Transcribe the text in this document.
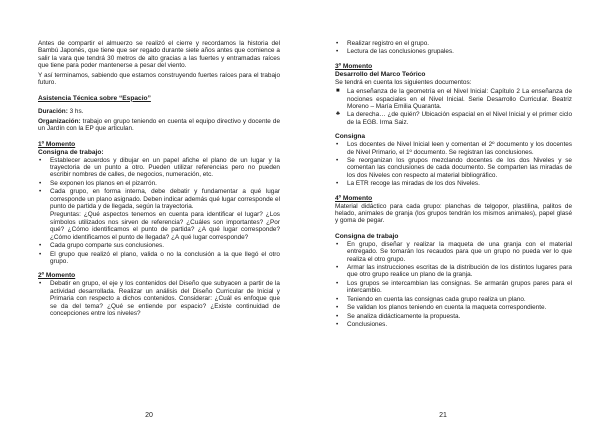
Antes de compartir el almuerzo se realizó el cierre y recordamos la historia del Bambú Japonés, que tiene que ser regado durante siete años antes que comience a salir la vara que tendrá 30 metros de alto gracias a las fuertes y entramadas raíces que tiene para poder mantenerse a pesar del viento.

Y así terminamos, sabiendo que estamos construyendo fuertes raíces para el trabajo futuro.

Asistencia Técnica sobre “Espacio”

Duración: 3 hs.

Organización: trabajo en grupo teniendo en cuenta el equipo directivo y docente de un Jardín con la EP que articulan.

1º Momento
Consigna de trabajo:
• Establecer acuerdos y dibujar en un papel afiche el plano de un lugar y la trayectoria de un punto a otro. Pueden utilizar referencias pero no pueden escribir nombres de calles, de negocios, numeración, etc.
• Se exponen los planos en el pizarrón.
• Cada grupo, en forma interna, debe debatir y fundamentar a qué lugar corresponde un plano asignado. Deben indicar además qué lugar corresponde el punto de partida y de llegada, según la trayectoria.
Preguntas: ¿Qué aspectos tenemos en cuenta para identificar el lugar? ¿Los símbolos utilizados nos sirven de referencia? ¿Cuáles son importantes? ¿Por qué? ¿Cómo identificamos el punto de partida? ¿A qué lugar corresponde? ¿Cómo identificamos el punto de llegada? ¿A qué lugar corresponde?
• Cada grupo comparte sus conclusiones.
• El grupo que realizó el plano, valida o no la conclusión a la que llegó el otro grupo.
2º Momento
• Debatir en grupo, el eje y los contenidos del Diseño que subyacen a partir de la actividad desarrollada. Realizar un análisis del Diseño Curricular de Inicial y Primaria con respecto a dichos contenidos. Considerar: ¿Cuál es enfoque que se da del tema? ¿Qué se entiende por espacio? ¿Existe continuidad de concepciones entre los niveles?
20
• Realizar registro en el grupo.
• Lectura de las conclusiones grupales.
3º Momento
Desarrollo del Marco Teórico

Se tendrá en cuenta los siguientes documentos:

■ La enseñanza de la geometría en el Nivel Inicial: Capítulo 2 La enseñanza de nociones espaciales en el Nivel Inicial. Serie Desarrollo Curricular. Beatriz Moreno – María Emilia Quaranta.
♣ La derecha… ¿de quién? Ubicación espacial en el Nivel Inicial y el primer ciclo de la EGB. Irma Saiz.
Consigna
• Los docentes de Nivel Inicial leen y comentan el 2º documento y los docentes de Nivel Primario, el 1º documento. Se registran las conclusiones.
• Se reorganizan los grupos mezclando docentes de los dos Niveles y se comentan las conclusiones de cada documento. Se comparten las miradas de los dos Niveles con respecto al material bibliográfico.
• La ETR recoge las miradas de los dos Niveles.
4º Momento

Material didáctico para cada grupo: planchas de telgopor, plastilina, palitos de helado, animales de granja (los grupos tendrán los mismos animales), papel glasé y goma de pegar.

Consigna de trabajo
• En grupo, diseñar y realizar la maqueta de una granja con el material entregado. Se tomarán los recaudos para que un grupo no pueda ver lo que realiza el otro grupo.
• Armar las instrucciones escritas de la distribución de los distintos lugares para que otro grupo realice un plano de la granja.
• Los grupos se intercambian las consignas. Se armarán grupos pares para el intercambio.
• Teniendo en cuenta las consignas cada grupo realiza un plano.
• Se validan los planos teniendo en cuenta la maqueta correspondiente.
• Se analiza didácticamente la propuesta.
• Conclusiones.
21
